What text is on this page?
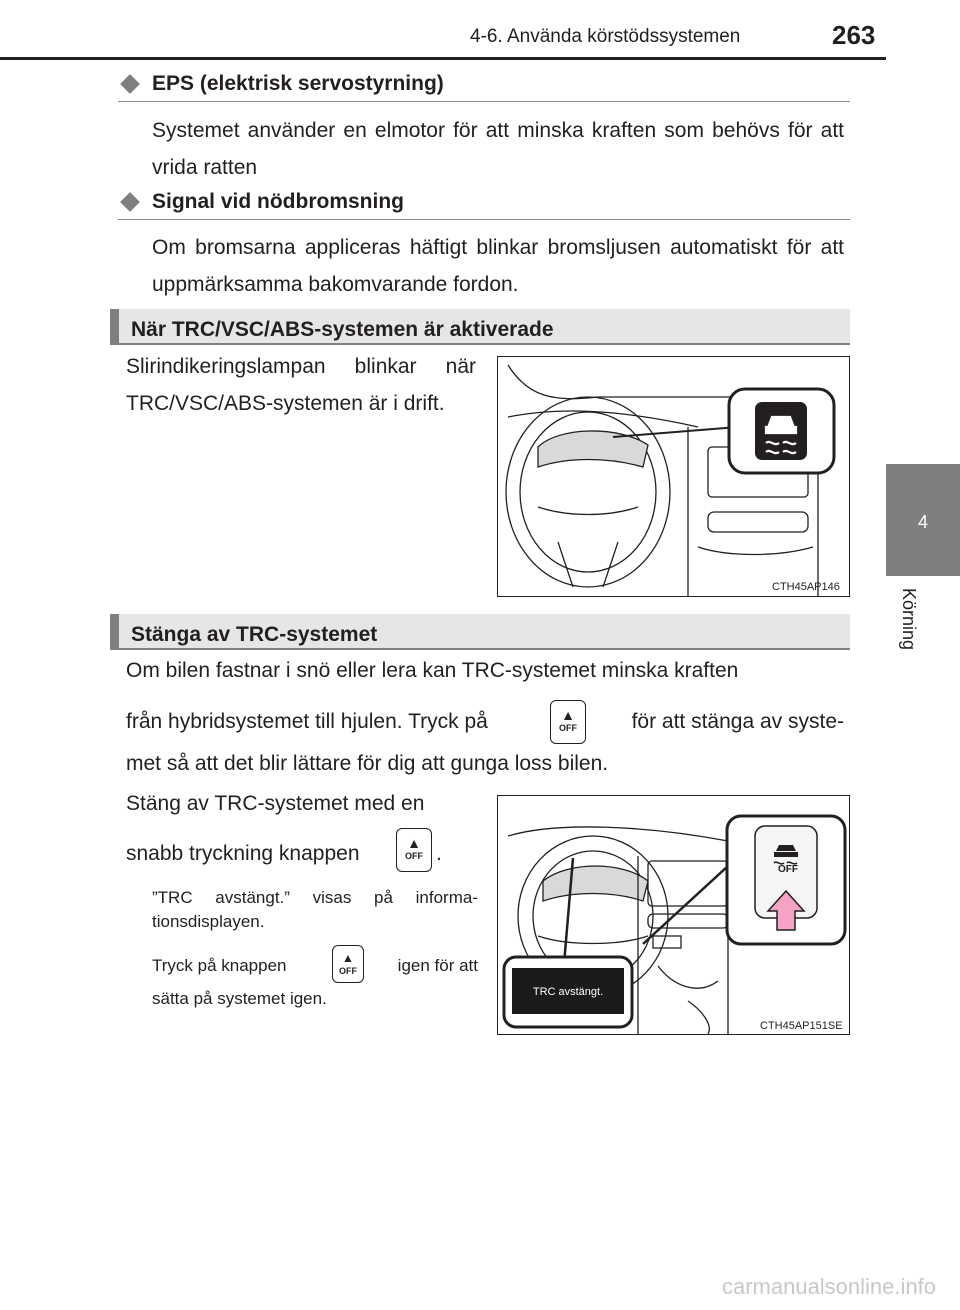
4-6. Använda körstödssystemen	263
4
Körning
EPS (elektrisk servostyrning)
Systemet använder en elmotor för att minska kraften som behövs för att vrida ratten
Signal vid nödbromsning
Om bromsarna appliceras häftigt blinkar bromsljusen automatiskt för att uppmärksamma bakomvarande fordon.
När TRC/VSC/ABS-systemen är aktiverade
Slirindikeringslampan blinkar när TRC/VSC/ABS-systemen är i drift.
CTH45AP146
Stänga av TRC-systemet
Om bilen fastnar i snö eller lera kan TRC-systemet minska kraften
från hybridsystemet till hjulen. Tryck på	▲
OFF	för att stänga av syste-
met så att det blir lättare för dig att gunga loss bilen.
Stäng av TRC-systemet med en
snabb tryckning knappen	▲
OFF .
”TRC avstängt.” visas på informa-tionsdisplayen.
Tryck på knappen	▲
OFF	igen för att
sätta på systemet igen.	TRC avstängt.
OFF
CTH45AP151SE
carmanualsonline.info
